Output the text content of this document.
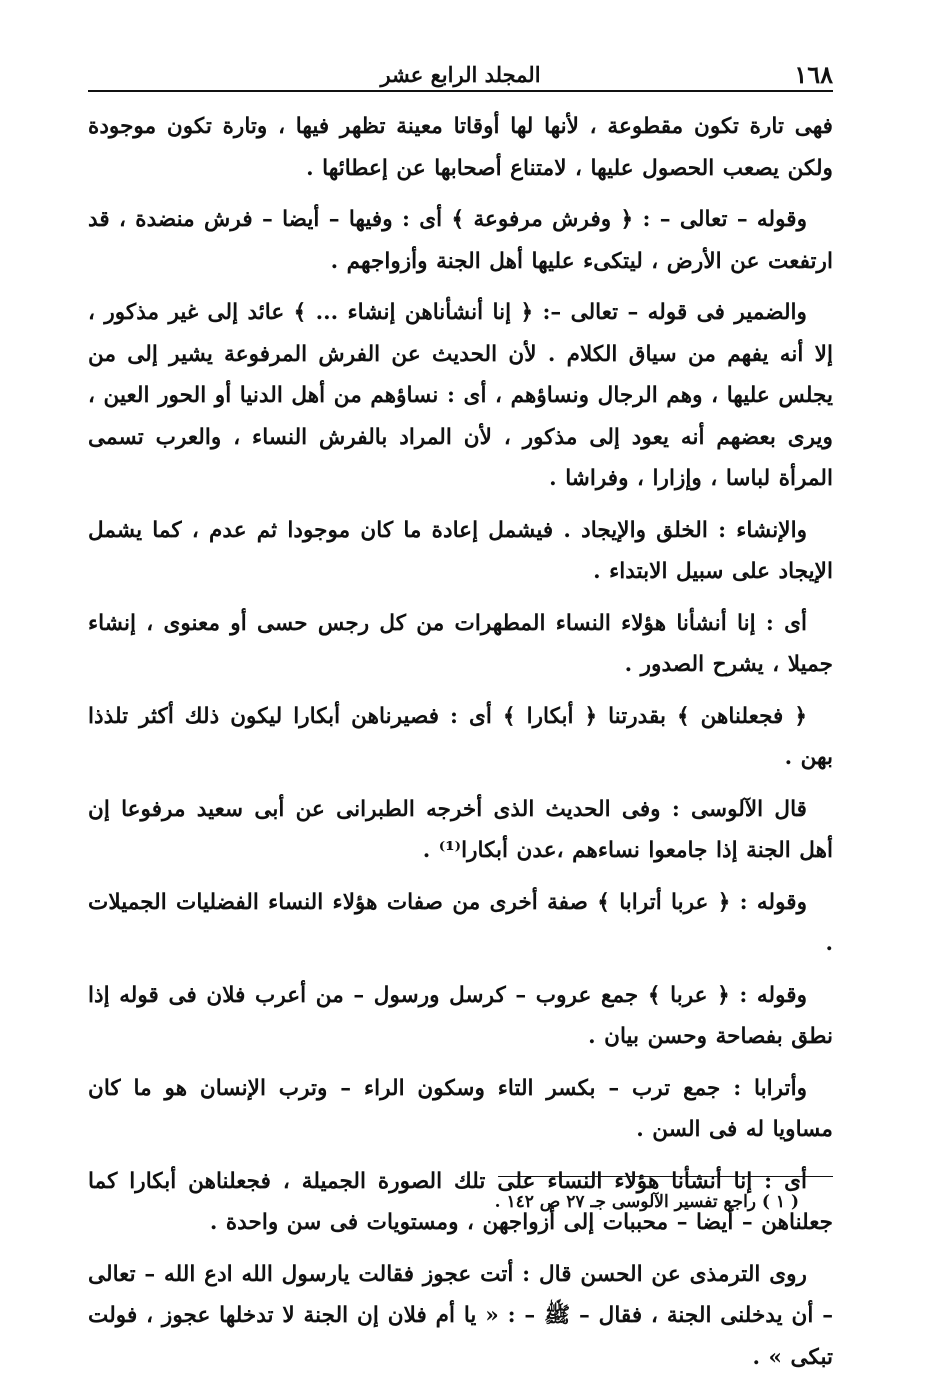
١٦٨
المجلد الرابع عشر

فهى تارة تكون مقطوعة ، لأنها لها أوقاتا معينة تظهر فيها ، وتارة تكون موجودة ولكن يصعب الحصول عليها ، لامتناع أصحابها عن إعطائها .

وقوله – تعالى – : ﴿ وفرش مرفوعة ﴾ أى : وفيها – أيضا – فرش منضدة ، قد ارتفعت عن الأرض ، ليتكىء عليها أهل الجنة وأزواجهم .

والضمير فى قوله – تعالى –: ﴿ إنا أنشأناهن إنشاء ... ﴾ عائد إلى غير مذكور ، إلا أنه يفهم من سياق الكلام . لأن الحديث عن الفرش المرفوعة يشير إلى من يجلس عليها ، وهم الرجال ونساؤهم ، أى : نساؤهم من أهل الدنيا أو الحور العين ، ويرى بعضهم أنه يعود إلى مذكور ، لأن المراد بالفرش النساء ، والعرب تسمى المرأة لباسا ، وإزارا ، وفراشا .

والإنشاء : الخلق والإيجاد . فيشمل إعادة ما كان موجودا ثم عدم ، كما يشمل الإيجاد على سبيل الابتداء .

أى : إنا أنشأنا هؤلاء النساء المطهرات من كل رجس حسى أو معنوى ، إنشاء جميلا ، يشرح الصدور .

﴿ فجعلناهن ﴾ بقدرتنا ﴿ أبكارا ﴾ أى : فصيرناهن أبكارا ليكون ذلك أكثر تلذذا بهن .

قال الآلوسى : وفى الحديث الذى أخرجه الطبرانى عن أبى سعيد مرفوعا إن أهل الجنة إذا جامعوا نساءهم ،عدن أبكارا⁽¹⁾ .

وقوله : ﴿ عربا أترابا ﴾ صفة أخرى من صفات هؤلاء النساء الفضليات الجميلات .

وقوله : ﴿ عربا ﴾ جمع عروب – كرسل ورسول – من أعرب فلان فى قوله إذا نطق بفصاحة وحسن بيان .

وأترابا : جمع ترب – بكسر التاء وسكون الراء – وترب الإنسان هو ما كان مساويا له فى السن .

أى : إنا أنشأنا هؤلاء النساء على تلك الصورة الجميلة ، فجعلناهن أبكارا كما جعلناهن – أيضا – محببات إلى أزواجهن ، ومستويات فى سن واحدة .

روى الترمذى عن الحسن قال : أتت عجوز فقالت يارسول الله ادع الله – تعالى – أن يدخلنى الجنة ، فقال – ﷺ – : « يا أم فلان إن الجنة لا تدخلها عجوز ، فولت تبكى » .

( ١ ) راجع تفسير الآلوسى جـ ٢٧ ص ١٤٢ .
